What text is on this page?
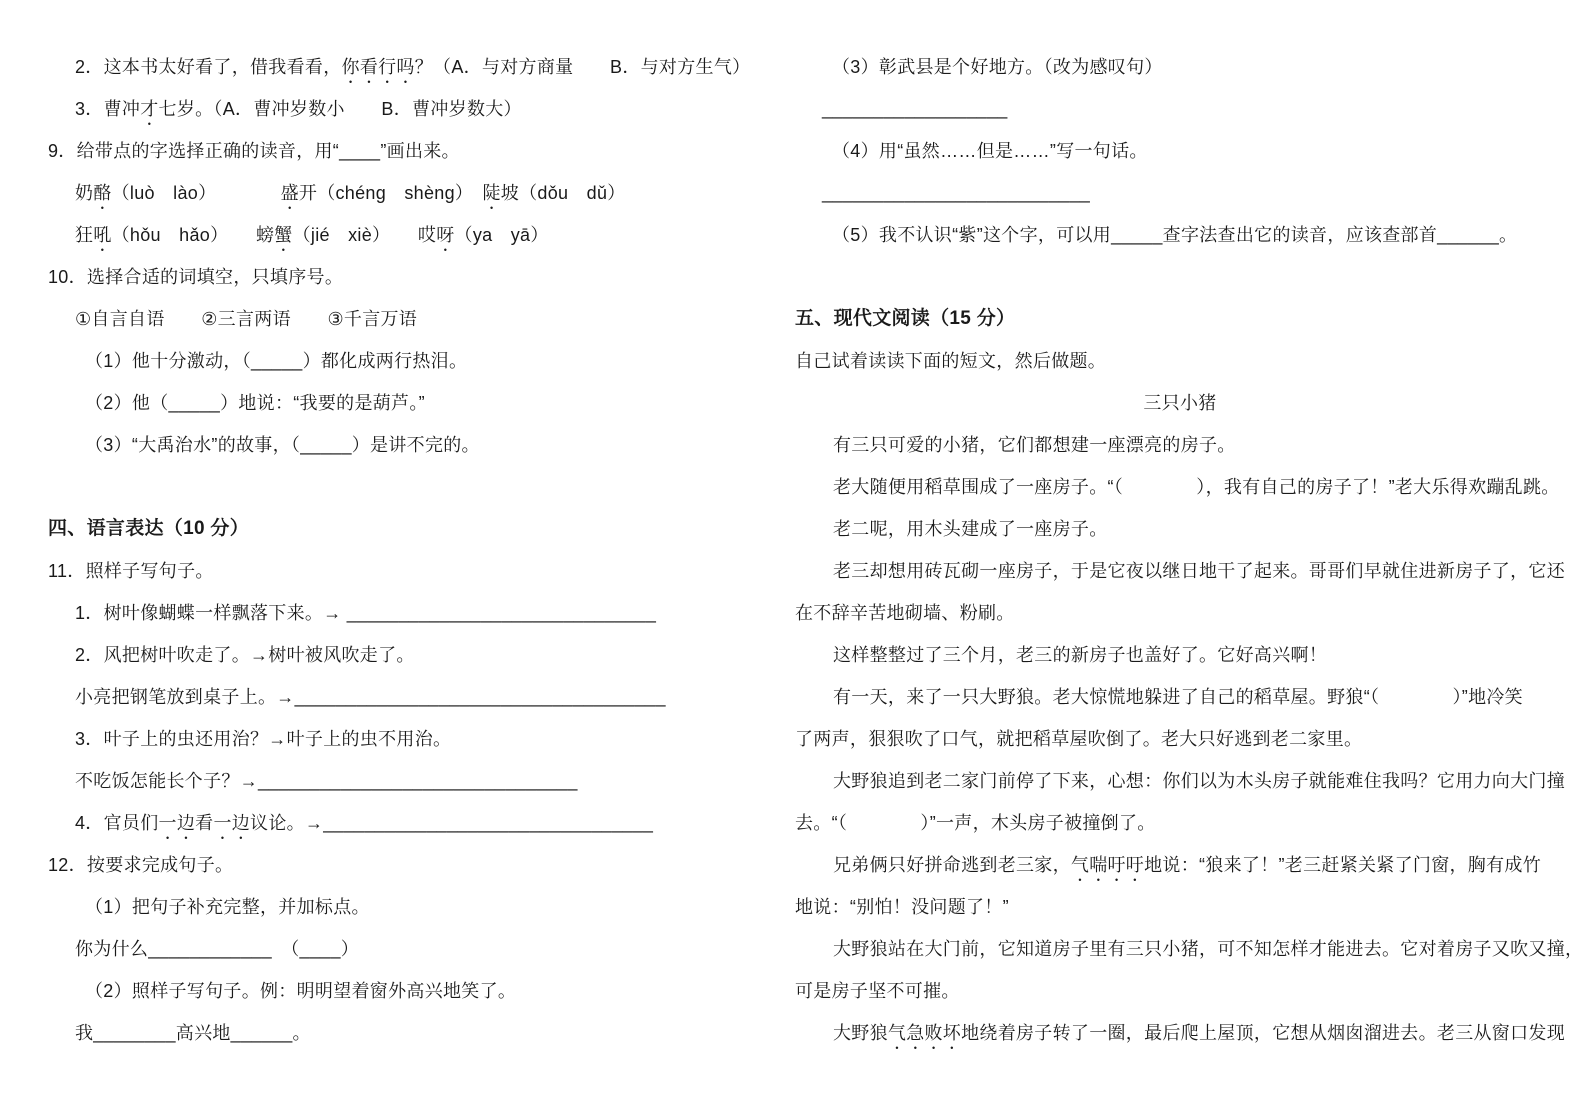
2．这本书太好看了，借我看看，你看行吗？（A．与对方商量　　B．与对方生气）
3．曹冲才七岁。（A．曹冲岁数小　　B．曹冲岁数大）
9．给带点的字选择正确的读音，用“____”画出来。
奶酪（luò　lào）　　　　盛开（chéng　shèng）　陡坡（dǒu　dǔ）
狂吼（hǒu　hǎo）　　螃蟹（jié　xiè）　　哎呀（ya　yā）
10．选择合适的词填空，只填序号。
①自言自语　　②三言两语　　③千言万语
（1）他十分激动，（_____）都化成两行热泪。
（2）他（_____）地说：“我要的是葫芦。”
（3）“大禹治水”的故事，（_____）是讲不完的。
四、语言表达（10 分）
11．照样子写句子。
1．树叶像蝴蝶一样飘落下来。→ ______________________________
2．风把树叶吹走了。→树叶被风吹走了。
小亮把钢笔放到桌子上。→____________________________________
3．叶子上的虫还用治？→叶子上的虫不用治。
不吃饭怎能长个子？→_______________________________
4．官员们一边看一边议论。→________________________________
12．按要求完成句子。
（1）把句子补充完整，并加标点。
你为什么____________　（____）
（2）照样子写句子。例：明明望着窗外高兴地笑了。
我________高兴地______。
（3）彰武县是个好地方。（改为感叹句）
__________________
（4）用“虽然……但是……”写一句话。
__________________________
（5）我不认识“紫”这个字，可以用_____查字法查出它的读音，应该查部首______。
五、现代文阅读（15 分）
自己试着读读下面的短文，然后做题。
三只小猪
有三只可爱的小猪，它们都想建一座漂亮的房子。
老大随便用稻草围成了一座房子。“（　　　　），我有自己的房子了！”老大乐得欢蹦乱跳。
老二呢，用木头建成了一座房子。
老三却想用砖瓦砌一座房子，于是它夜以继日地干了起来。哥哥们早就住进新房子了，它还
在不辞辛苦地砌墙、粉刷。
这样整整过了三个月，老三的新房子也盖好了。它好高兴啊！
有一天，来了一只大野狼。老大惊慌地躲进了自己的稻草屋。野狼“（　　　　）”地冷笑
了两声，狠狠吹了口气，就把稻草屋吹倒了。老大只好逃到老二家里。
大野狼追到老二家门前停了下来，心想：你们以为木头房子就能难住我吗？它用力向大门撞
去。“（　　　　）”一声，木头房子被撞倒了。
兄弟俩只好拼命逃到老三家，气喘吁吁地说：“狼来了！”老三赶紧关紧了门窗，胸有成竹
地说：“别怕！没问题了！”
大野狼站在大门前，它知道房子里有三只小猪，可不知怎样才能进去。它对着房子又吹又撞，
可是房子坚不可摧。
大野狼气急败坏地绕着房子转了一圈，最后爬上屋顶，它想从烟囱溜进去。老三从窗口发现
